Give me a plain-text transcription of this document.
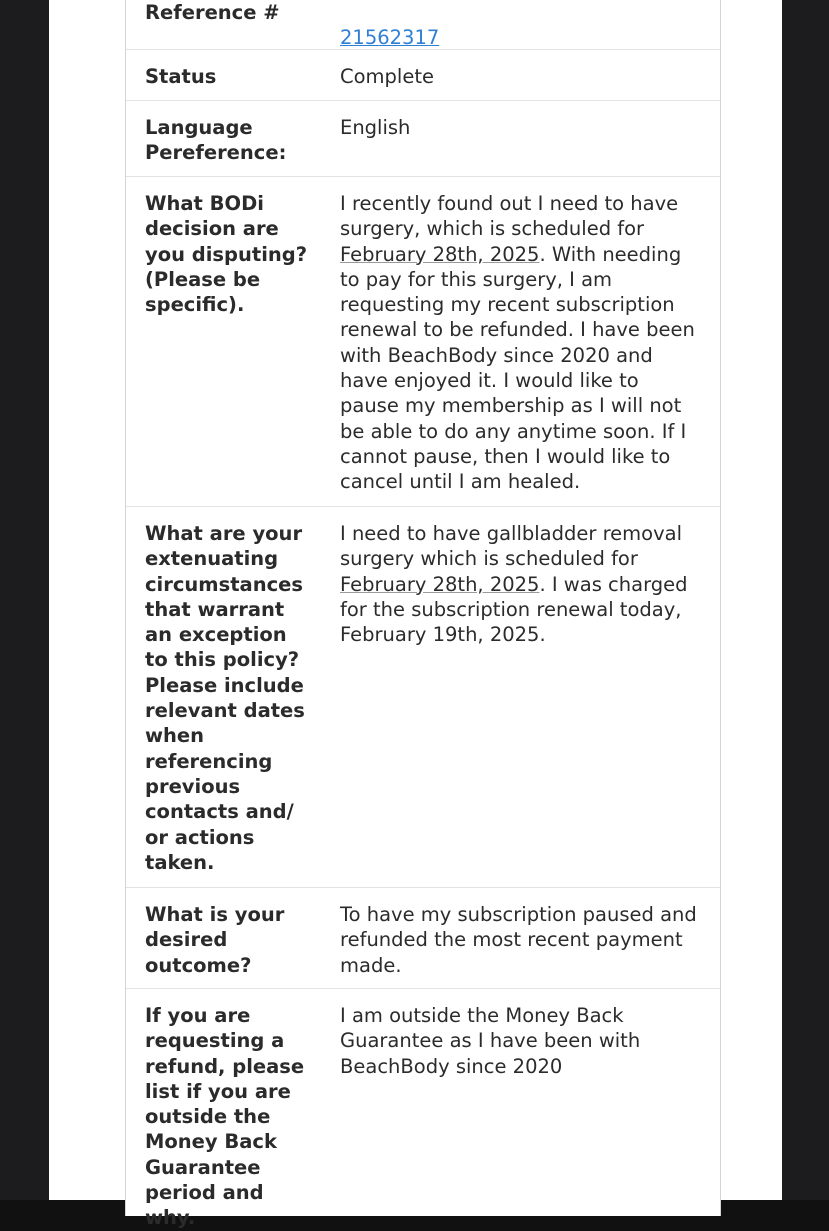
Reference #

21562317

Status	Complete
Language
Pereference:
English
What BODi
decision are
you disputing?
(Please be
specific).
I recently found out I need to have
surgery, which is scheduled for
February 28th, 2025. With needing
to pay for this surgery, I am
requesting my recent subscription
renewal to be refunded. I have been
with BeachBody since 2020 and
have enjoyed it. I would like to
pause my membership as I will not
be able to do any anytime soon. If I
cannot pause, then I would like to
cancel until I am healed.
What are your
extenuating
circumstances
that warrant
an exception
to this policy?
Please include
relevant dates
when
referencing
previous
contacts and/
or actions
taken.
I need to have gallbladder removal
surgery which is scheduled for
February 28th, 2025. I was charged
for the subscription renewal today,
February 19th, 2025.
What is your
desired
outcome?
To have my subscription paused and
refunded the most recent payment
made.
If you are
requesting a
refund, please
list if you are
outside the
Money Back
Guarantee
period and
why.
I am outside the Money Back
Guarantee as I have been with
BeachBody since 2020
